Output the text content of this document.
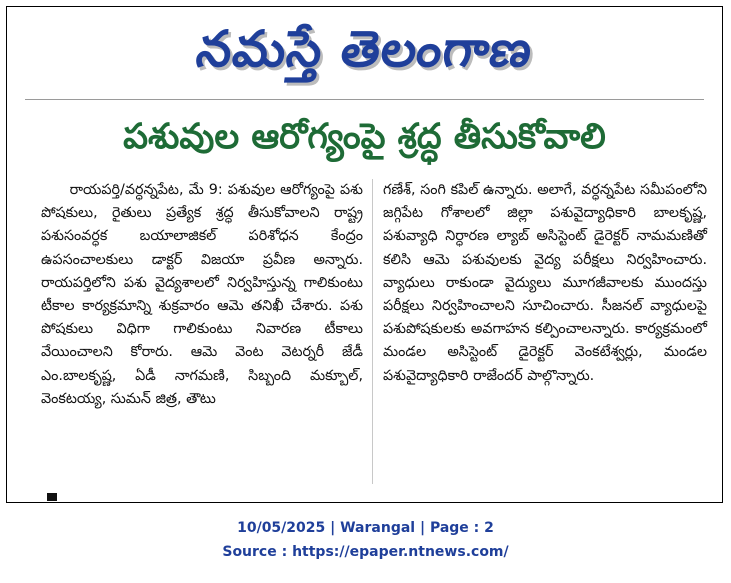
నమస్తే తెలంగాణ
పశువుల ఆరోగ్యంపై శ్రద్ధ తీసుకోవాలి
రాయపర్తి/వర్ధన్నపేట, మే 9: పశువుల ఆరోగ్యంపై పశు పోషకులు, రైతులు ప్రత్యేక శ్రద్ధ తీసుకోవాలని రాష్ట్ర పశుసంవర్ధక బయాలాజికల్ పరిశోధన కేంద్రం ఉపసంచాలకులు డాక్టర్ విజయా ప్రవీణ అన్నారు. రాయపర్తిలోని పశు వైద్యశాలలో నిర్వహిస్తున్న గాలికుంటు టీకాల కార్యక్రమాన్ని శుక్రవారం ఆమె తనిఖీ చేశారు. పశు పోషకులు విధిగా గాలికుంటు నివారణ టీకాలు వేయించాలని కోరారు. ఆమె వెంట వెటర్నరీ జేడీ ఎం.బాలకృష్ణ, ఏడీ నాగమణి, సిబ్బంది మక్బూల్, వెంకటయ్య, సుమన్ జిత్ర, తౌటు
గణేశ్, సంగి కపిల్ ఉన్నారు. అలాగే, వర్ధన్నపేట సమీపంలోని జగ్గిపేట గోశాలలో జిల్లా పశువైద్యాధికారి బాలకృష్ణ, పశువ్యాధి నిర్ధారణ ల్యాబ్ అసిస్టెంట్ డైరెక్టర్ నామమణితో కలిసి ఆమె పశువులకు వైద్య పరీక్షలు నిర్వహించారు. వ్యాధులు రాకుండా వైద్యులు మూగజీవాలకు ముందస్తు పరీక్షలు నిర్వహించాలని సూచించారు. సీజనల్ వ్యాధులపై పశుపోషకులకు అవగాహన కల్పించాలన్నారు. కార్యక్రమంలో మండల అసిస్టెంట్ డైరెక్టర్ వెంకటేశ్వర్లు, మండల పశువైద్యాధికారి రాజేందర్ పాల్గొన్నారు.
10/05/2025 | Warangal | Page : 2
Source : https://epaper.ntnews.com/
